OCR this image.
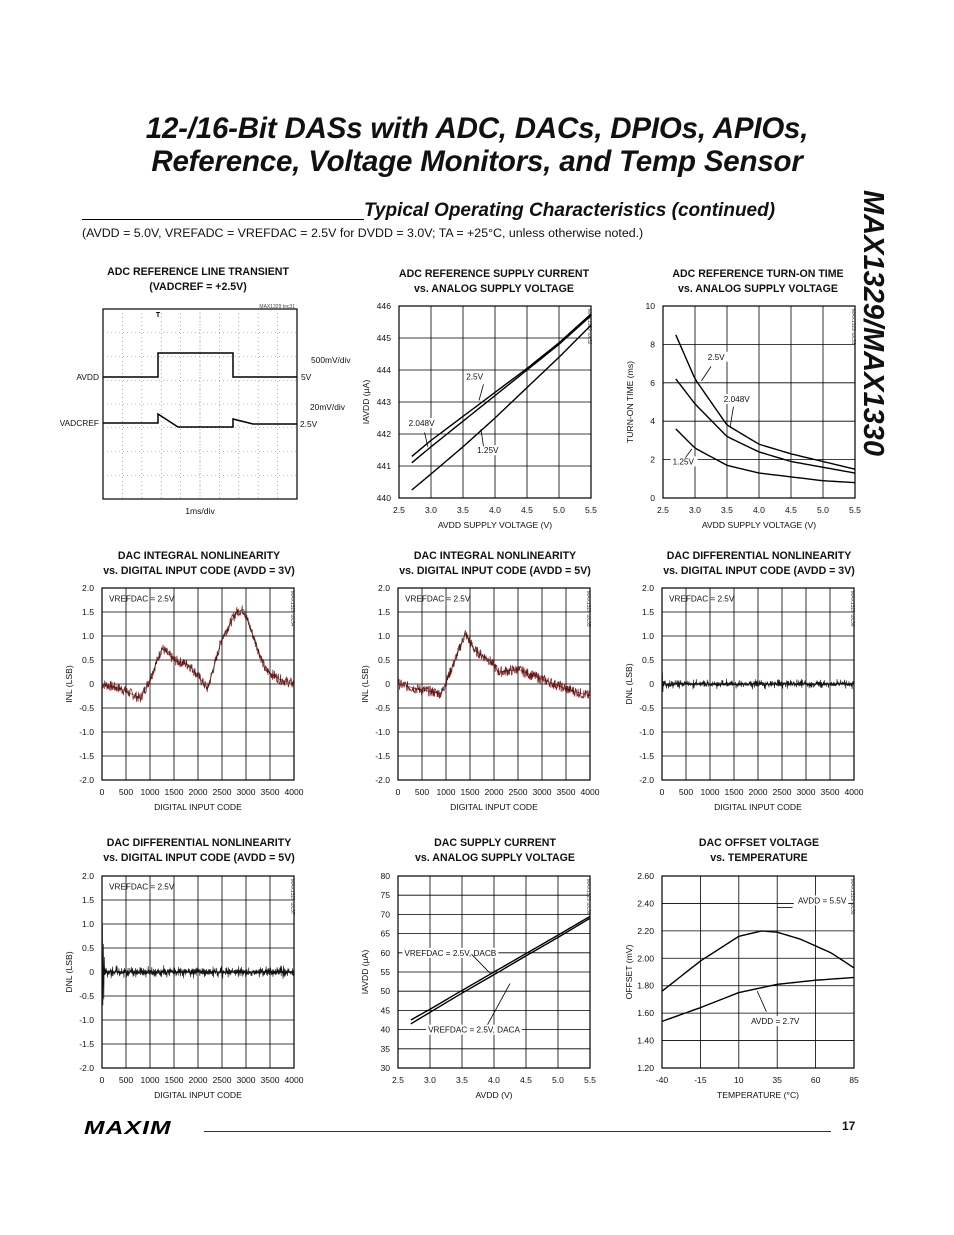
12-/16-Bit DASs with ADC, DACs, DPIOs, APIOs,
Reference, Voltage Monitors, and Temp Sensor
MAX1329/MAX1330
Typical Operating Characteristics (continued)
(AVDD = 5.0V, VREFADC = VREFDAC = 2.5V for DVDD = 3.0V; TA = +25°C, unless otherwise noted.)
ADC REFERENCE LINE TRANSIENT
(VADCREF = +2.5V)
ADC REFERENCE SUPPLY CURRENT
vs. ANALOG SUPPLY VOLTAGE
ADC REFERENCE TURN-ON TIME
vs. ANALOG SUPPLY VOLTAGE
DAC INTEGRAL NONLINEARITY
vs. DIGITAL INPUT CODE (AVDD = 3V)
DAC INTEGRAL NONLINEARITY
vs. DIGITAL INPUT CODE (AVDD = 5V)
DAC DIFFERENTIAL NONLINEARITY
vs. DIGITAL INPUT CODE (AVDD = 3V)
DAC DIFFERENTIAL NONLINEARITY
vs. DIGITAL INPUT CODE (AVDD = 5V)
DAC SUPPLY CURRENT
vs. ANALOG SUPPLY VOLTAGE
DAC OFFSET VOLTAGE
vs. TEMPERATURE
T
MAX1329 toc31
AVDD
VADCREF
500mV/div
5V
20mV/div
2.5V
1ms/div	2.5 3.0 3.5 4.0 4.5 5.0 5.5
440
441
442
443
444
445
446
AVDD SUPPLY VOLTAGE (V)
IAVDD (µA)
MAX1329 toc32
2.5V
2.048V
1.25V
2.5 3.0 3.5 4.0 4.5 5.0 5.5
0
2
4
6
8
10
AVDD SUPPLY VOLTAGE (V)
TURN-ON TIME (ms)
MAX1329 toc33
2.5V
2.048V
1.25V
0 500 1000 1500 2000 2500 3000 3500 4000
-2.0
-1.5
-1.0
-0.5
0
0.5
1.0
1.5
2.0
DIGITAL INPUT CODE
INL (LSB)
MAX1329 toc34
VREFDAC = 2.5V
0 500 1000 1500 2000 2500 3000 3500 4000
-2.0
-1.5
-1.0
-0.5
0
0.5
1.0
1.5
2.0
DIGITAL INPUT CODE
INL (LSB)
MAX1329 toc35
VREFDAC = 2.5V
0 500 1000 1500 2000 2500 3000 3500 4000
-2.0
-1.5
-1.0
-0.5
0
0.5
1.0
1.5
2.0
DIGITAL INPUT CODE
DNL (LSB)
MAX1329 toc36
VREFDAC = 2.5V
0 500 1000 1500 2000 2500 3000 3500 4000
-2.0
-1.5
-1.0
-0.5
0
0.5
1.0
1.5
2.0
DIGITAL INPUT CODE
DNL (LSB)
MAX1329 toc37
VREFDAC = 2.5V
2.5 3.0 3.5 4.0 4.5 5.0 5.5
30
35
40
45
50
55
60
65
70
75
80
AVDD (V)
IAVDD (µA)
MAX1329 toc38
VREFDAC = 2.5V, DACB
VREFDAC = 2.5V, DACA
-40	-15	10	35	60	85
1.20
1.40
1.60
1.80
2.00
2.20
2.40
2.60
TEMPERATURE (°C)
OFFSET (mV)
MAX1329 toc39
AVDD = 5.5V
AVDD = 2.7V
MAXIM	17
